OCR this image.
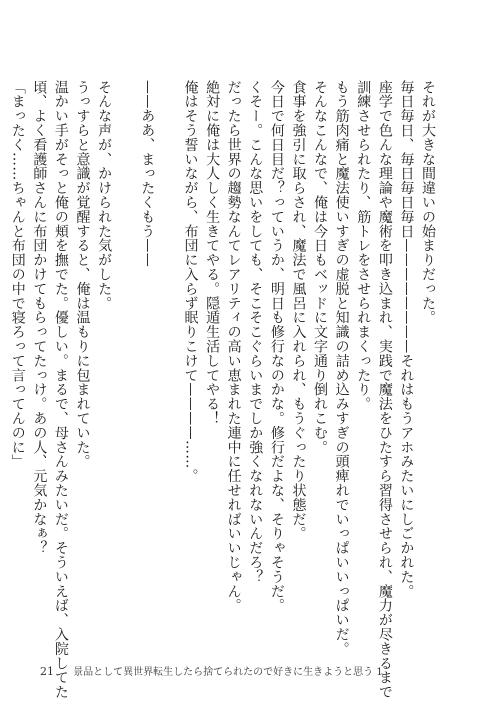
それが大きな間違いの始まりだった。
毎日毎日、毎日毎日毎日————————それはもうアホみたいにしごかれた。
座学で色んな理論や魔術を叩き込まれ、実践で魔法をひたすら習得させられ、魔力が尽きるまで
訓練させられたり、筋トレをさせられまくったり。
もう筋肉痛と魔法使いすぎの虚脱と知識の詰め込みすぎの頭痺れでいっぱいいっぱいだ。
そんなこんなで、俺は今日もベッドに文字通り倒れこむ。
食事を強引に取らされ、魔法で風呂に入れられ、もうぐったり状態だ。
今日で何日目だ？っていうか、明日も修行なのかな。修行だよな、そりゃそうだ。
くそー。こんな思いをしても、そこそこぐらいまでしか強くなれないんだろ？
だったら世界の趨勢なんてレアリティの高い恵まれた連中に任せればいいじゃん。
絶対に俺は大人しく生きてやる。隠遁生活してやる！
俺はそう誓いながら、布団に入らず眠りこけて————……。
——ああ、まったくもう——
そんな声が、かけられた気がした。
うっすらと意識が覚醒すると、俺は温もりに包まれていた。
温かい手がそっと俺の頬を撫でた。優しい。まるで、母さんみたいだ。そういえば、入院してた
頃、よく看護師さんに布団かけてもらってたっけ。あの人、元気かなぁ？
「まったく……ちゃんと布団の中で寝ろって言ってんのに」
21 景品として異世界転生したら捨てられたので好きに生きようと思う 1
